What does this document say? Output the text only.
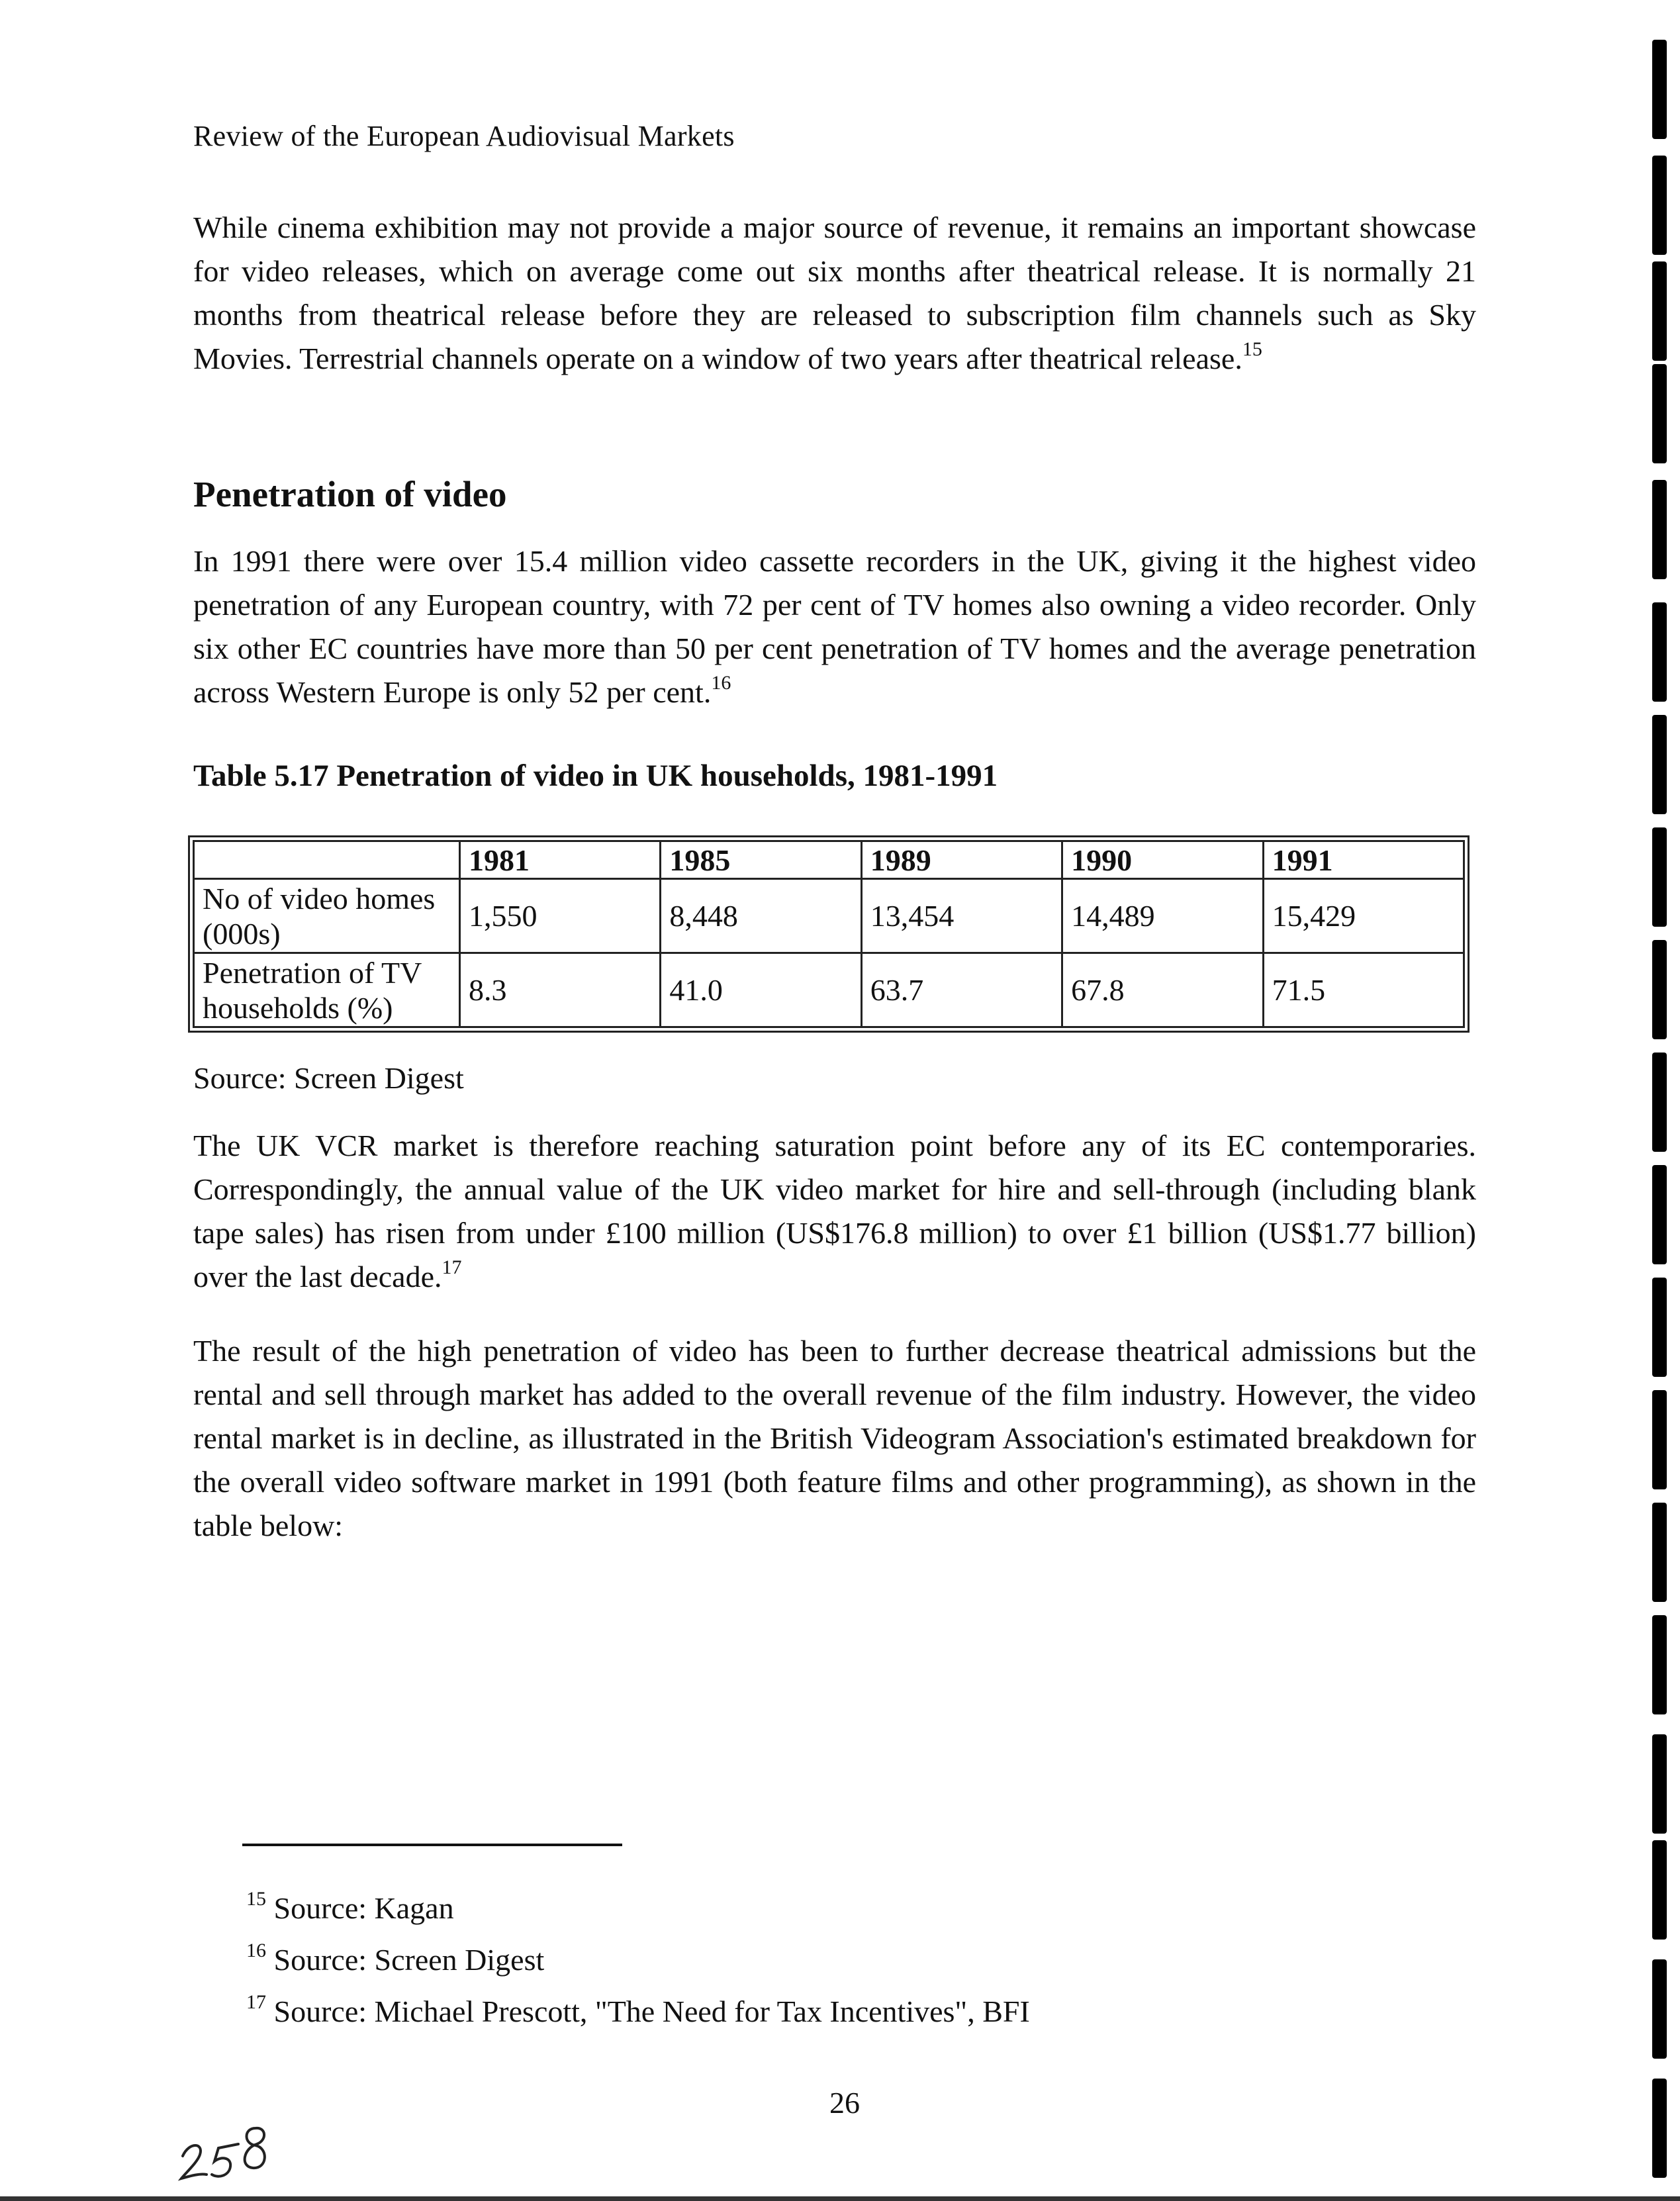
Review of the European Audiovisual Markets

While cinema exhibition may not provide a major source of revenue, it remains an important showcase for video releases, which on average come out six months after theatrical release. It is normally 21 months from theatrical release before they are released to subscription film channels such as Sky Movies. Terrestrial channels operate on a window of two years after theatrical release.$^{15}$

Penetration of video

In 1991 there were over 15.4 million video cassette recorders in the UK, giving it the highest video penetration of any European country, with 72 per cent of TV homes also owning a video recorder. Only six other EC countries have more than 50 per cent penetration of TV homes and the average penetration across Western Europe is only 52 per cent.$^{16}$

Table 5.17 Penetration of video in UK households, 1981-1991

	1981	1985	1989	1990	1991
No of video homes (000s)	1,550	8,448	13,454	14,489	15,429
Penetration of TV households (%)	8.3	41.0	63.7	67.8	71.5

Source: Screen Digest

The UK VCR market is therefore reaching saturation point before any of its EC contemporaries. Correspondingly, the annual value of the UK video market for hire and sell-through (including blank tape sales) has risen from under £100 million (US$176.8 million) to over £1 billion (US$1.77 billion) over the last decade.$^{17}$

The result of the high penetration of video has been to further decrease theatrical admissions but the rental and sell through market has added to the overall revenue of the film industry. However, the video rental market is in decline, as illustrated in the British Videogram Association's estimated breakdown for the overall video software market in 1991 (both feature films and other programming), as shown in the table below:

$^{15}$ Source: Kagan

$^{16}$ Source: Screen Digest

$^{17}$ Source: Michael Prescott, "The Need for Tax Incentives", BFI

26
